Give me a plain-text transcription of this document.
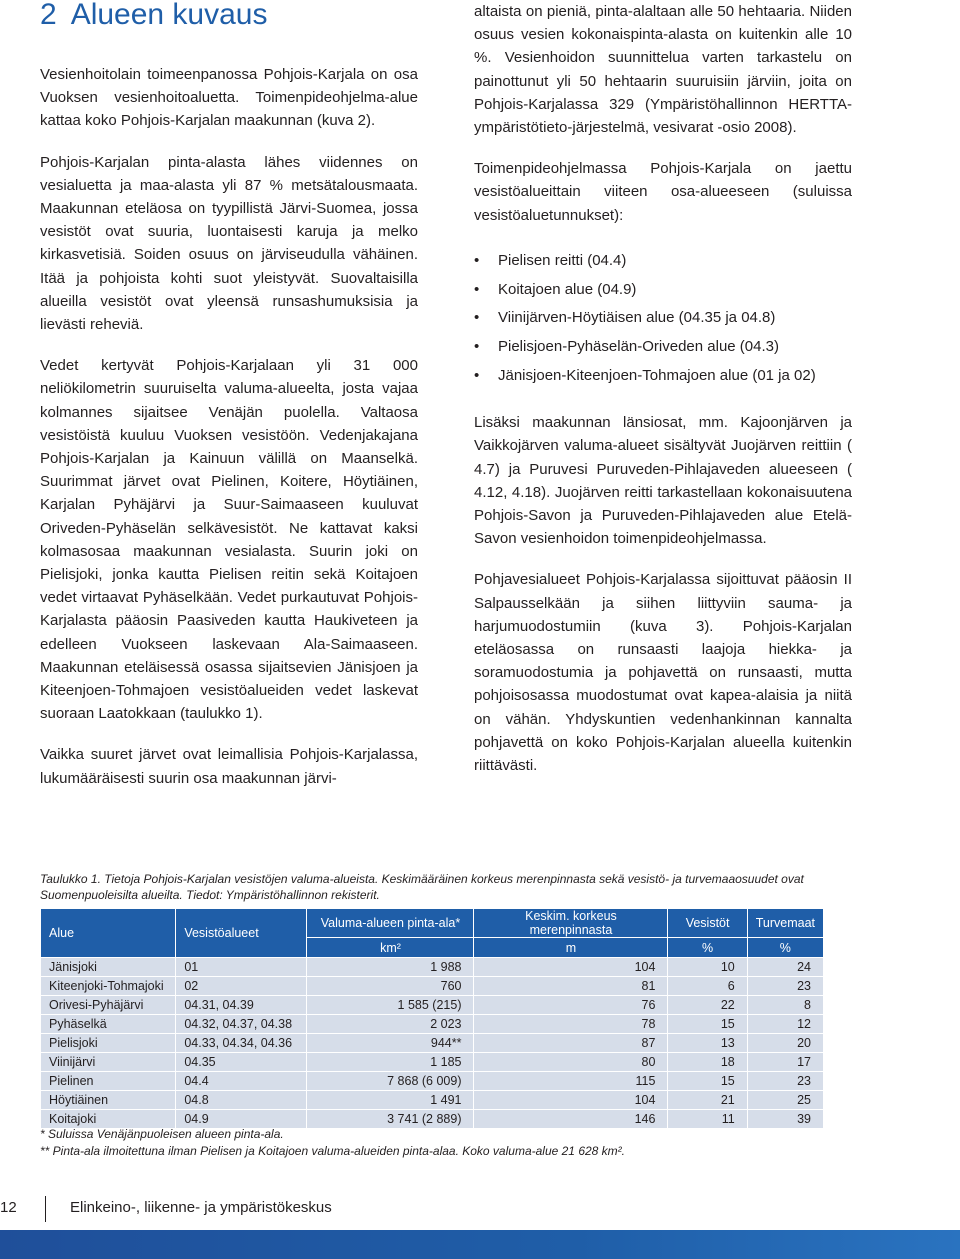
2 Alueen kuvaus

Vesienhoitolain toimeenpanossa Pohjois-Karjala on osa Vuoksen vesienhoitoaluetta. Toimenpideohjelma-alue kattaa koko Pohjois-Karjalan maakunnan (kuva 2).

Pohjois-Karjalan pinta-alasta lähes viidennes on vesialuetta ja maa-alasta yli 87 % metsätalousmaata. Maakunnan eteläosa on tyypillistä Järvi-Suomea, jossa vesistöt ovat suuria, luontaisesti karuja ja melko kirkasvetisiä. Soiden osuus on järviseudulla vähäinen. Itää ja pohjoista kohti suot yleistyvät. Suovaltaisilla alueilla vesistöt ovat yleensä runsashumuksisia ja lievästi reheviä.

Vedet kertyvät Pohjois-Karjalaan yli 31 000 neliökilometrin suuruiselta valuma-alueelta, josta vajaa kolmannes sijaitsee Venäjän puolella. Valtaosa vesistöistä kuuluu Vuoksen vesistöön. Vedenjakajana Pohjois-Karjalan ja Kainuun välillä on Maanselkä. Suurimmat järvet ovat Pielinen, Koitere, Höytiäinen, Karjalan Pyhäjärvi ja Suur-Saimaaseen kuuluvat Oriveden-Pyhäselän selkävesistöt. Ne kattavat kaksi kolmasosaa maakunnan vesialasta. Suurin joki on Pielisjoki, jonka kautta Pielisen reitin sekä Koitajoen vedet virtaavat Pyhäselkään. Vedet purkautuvat Pohjois-Karjalasta pääosin Paasiveden kautta Haukiveteen ja edelleen Vuokseen laskevaan Ala-Saimaaseen. Maakunnan eteläisessä osassa sijaitsevien Jänisjoen ja Kiteenjoen-Tohmajoen vesistöalueiden vedet laskevat suoraan Laatokkaan (taulukko 1).

Vaikka suuret järvet ovat leimallisia Pohjois-Karjalassa, lukumääräisesti suurin osa maakunnan järvi-

altaista on pieniä, pinta-alaltaan alle 50 hehtaaria. Niiden osuus vesien kokonaispinta-alasta on kuitenkin alle 10 %. Vesienhoidon suunnittelua varten tarkastelu on painottunut yli 50 hehtaarin suuruisiin järviin, joita on Pohjois-Karjalassa 329 (Ympäristöhallinnon HERTTA-ympäristötieto-järjestelmä, vesivarat -osio 2008).

Toimenpideohjelmassa Pohjois-Karjala on jaettu vesistöalueittain viiteen osa-alueeseen (suluissa vesistöaluetunnukset):

• Pielisen reitti (04.4)
• Koitajoen alue (04.9)
• Viinijärven-Höytiäisen alue (04.35 ja 04.8)
• Pielisjoen-Pyhäselän-Oriveden alue (04.3)
• Jänisjoen-Kiteenjoen-Tohmajoen alue (01 ja 02)

Lisäksi maakunnan länsiosat, mm. Kajoonjärven ja Vaikkojärven valuma-alueet sisältyvät Juojärven reittiin ( 4.7) ja Puruvesi Puruveden-Pihlajaveden alueeseen ( 4.12, 4.18). Juojärven reitti tarkastellaan kokonaisuutena Pohjois-Savon ja Puruveden-Pihlajaveden alue Etelä-Savon vesienhoidon toimenpideohjelmassa.

Pohjavesialueet Pohjois-Karjalassa sijoittuvat pääosin II Salpausselkään ja siihen liittyviin sauma- ja harjumuodostumiin (kuva 3). Pohjois-Karjalan eteläosassa on runsaasti laajoja hiekka- ja soramuodostumia ja pohjavettä on runsaasti, mutta pohjoisosassa muodostumat ovat kapea-alaisia ja niitä on vähän. Yhdyskuntien vedenhankinnan kannalta pohjavettä on koko Pohjois-Karjalan alueella kuitenkin riittävästi.

Taulukko 1. Tietoja Pohjois-Karjalan vesistöjen valuma-alueista. Keskimääräinen korkeus merenpinnasta sekä vesistö- ja turvemaaosuudet ovat Suomenpuoleisilta alueilta. Tiedot: Ympäristöhallinnon rekisterit.
Alue	Vesistöalueet	Valuma-alueen pinta-ala*	Keskim. korkeus merenpinnasta	Vesistöt	Turvemaat
		km²	m	%	%
Jänisjoki	01	1 988	104	10	24
Kiteenjoki-Tohmajoki	02	760	81	6	23
Orivesi-Pyhäjärvi	04.31, 04.39	1 585 (215)	76	22	8
Pyhäselkä	04.32, 04.37, 04.38	2 023	78	15	12
Pielisjoki	04.33, 04.34, 04.36	944**	87	13	20
Viinijärvi	04.35	1 185	80	18	17
Pielinen	04.4	7 868 (6 009)	115	15	23
Höytiäinen	04.8	1 491	104	21	25
Koitajoki	04.9	3 741 (2 889)	146	11	39
* Suluissa Venäjänpuoleisen alueen pinta-ala.
** Pinta-ala ilmoitettuna ilman Pielisen ja Koitajoen valuma-alueiden pinta-alaa. Koko valuma-alue 21 628 km².
12	Elinkeino-, liikenne- ja ympäristökeskus
